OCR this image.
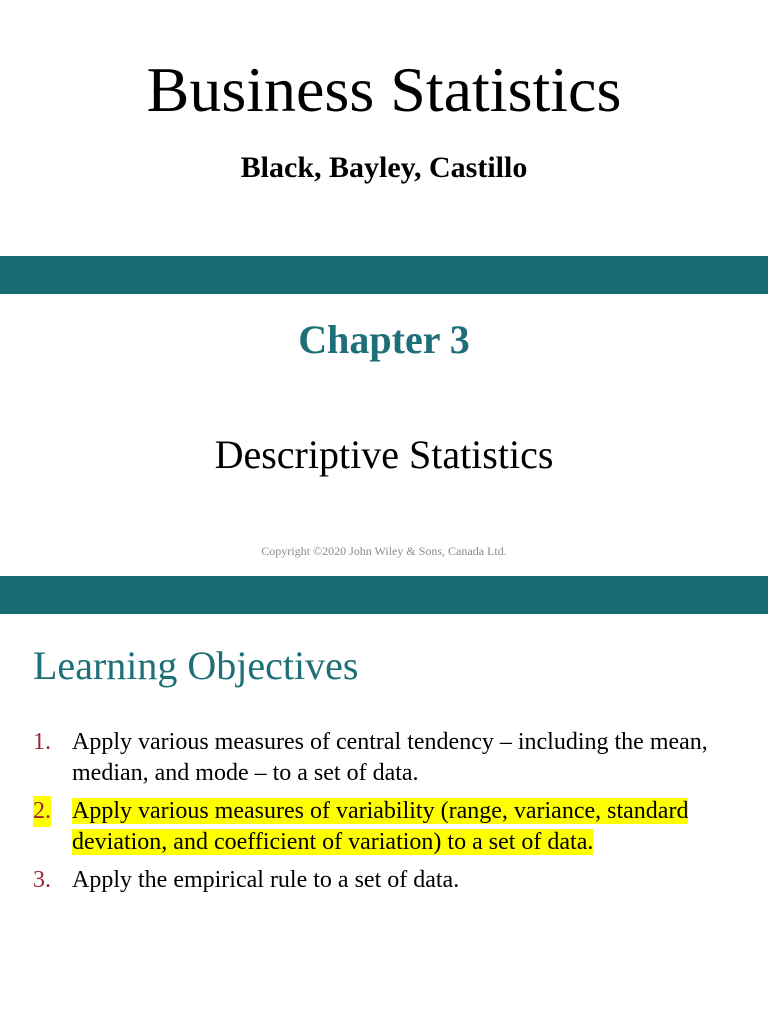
Business Statistics
Black, Bayley, Castillo
Chapter 3
Descriptive Statistics
Copyright ©2020 John Wiley & Sons, Canada Ltd.
Learning Objectives
1. Apply various measures of central tendency – including the mean, median, and mode – to a set of data.
2. Apply various measures of variability (range, variance, standard deviation, and coefficient of variation) to a set of data.
3. Apply the empirical rule to a set of data.
